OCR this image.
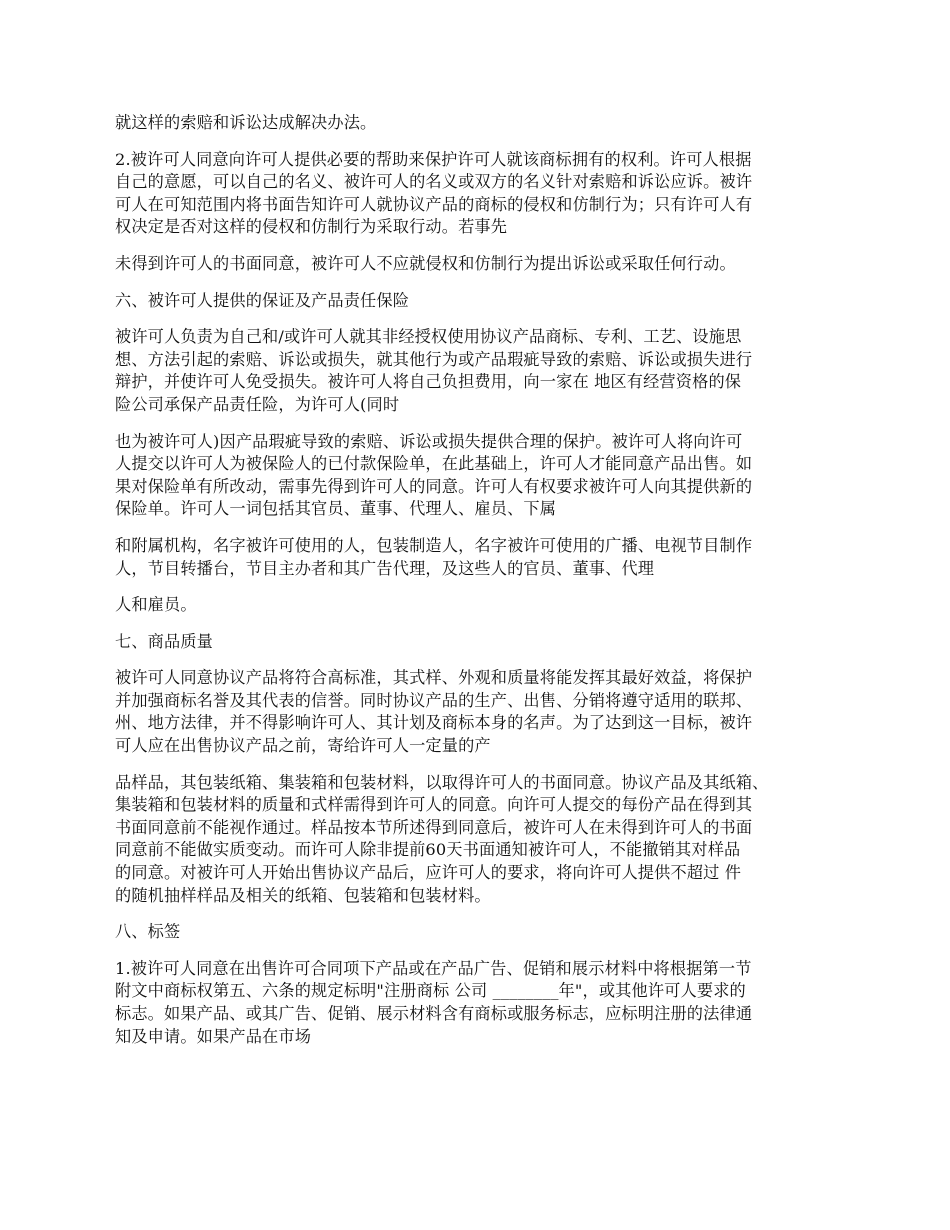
就这样的索赔和诉讼达成解决办法。

2.被许可人同意向许可人提供必要的帮助来保护许可人就该商标拥有的权利。许可人根据
自己的意愿，可以自己的名义、被许可人的名义或双方的名义针对索赔和诉讼应诉。被许
可人在可知范围内将书面告知许可人就协议产品的商标的侵权和仿制行为；只有许可人有
权决定是否对这样的侵权和仿制行为采取行动。若事先

未得到许可人的书面同意，被许可人不应就侵权和仿制行为提出诉讼或采取任何行动。

六、被许可人提供的保证及产品责任保险

被许可人负责为自己和/或许可人就其非经授权使用协议产品商标、专利、工艺、设施思
想、方法引起的索赔、诉讼或损失，就其他行为或产品瑕疵导致的索赔、诉讼或损失进行
辩护，并使许可人免受损失。被许可人将自己负担费用，向一家在 地区有经营资格的保
险公司承保产品责任险，为许可人(同时

也为被许可人)因产品瑕疵导致的索赔、诉讼或损失提供合理的保护。被许可人将向许可
人提交以许可人为被保险人的已付款保险单，在此基础上，许可人才能同意产品出售。如
果对保险单有所改动，需事先得到许可人的同意。许可人有权要求被许可人向其提供新的
保险单。许可人一词包括其官员、董事、代理人、雇员、下属

和附属机构，名字被许可使用的人，包装制造人，名字被许可使用的广播、电视节目制作
人，节目转播台，节目主办者和其广告代理，及这些人的官员、董事、代理

人和雇员。

七、商品质量

被许可人同意协议产品将符合高标准，其式样、外观和质量将能发挥其最好效益，将保护
并加强商标名誉及其代表的信誉。同时协议产品的生产、出售、分销将遵守适用的联邦、
州、地方法律，并不得影响许可人、其计划及商标本身的名声。为了达到这一目标，被许
可人应在出售协议产品之前，寄给许可人一定量的产

品样品，其包装纸箱、集装箱和包装材料，以取得许可人的书面同意。协议产品及其纸箱、
集装箱和包装材料的质量和式样需得到许可人的同意。向许可人提交的每份产品在得到其
书面同意前不能视作通过。样品按本节所述得到同意后，被许可人在未得到许可人的书面
同意前不能做实质变动。而许可人除非提前60天书面通知被许可人，不能撤销其对样品
的同意。对被许可人开始出售协议产品后，应许可人的要求，将向许可人提供不超过 件
的随机抽样样品及相关的纸箱、包装箱和包装材料。

八、标签

1.被许可人同意在出售许可合同项下产品或在产品广告、促销和展示材料中将根据第一节
附文中商标权第五、六条的规定标明"注册商标 公司 ________年"，或其他许可人要求的
标志。如果产品、或其广告、促销、展示材料含有商标或服务标志，应标明注册的法律通
知及申请。如果产品在市场
